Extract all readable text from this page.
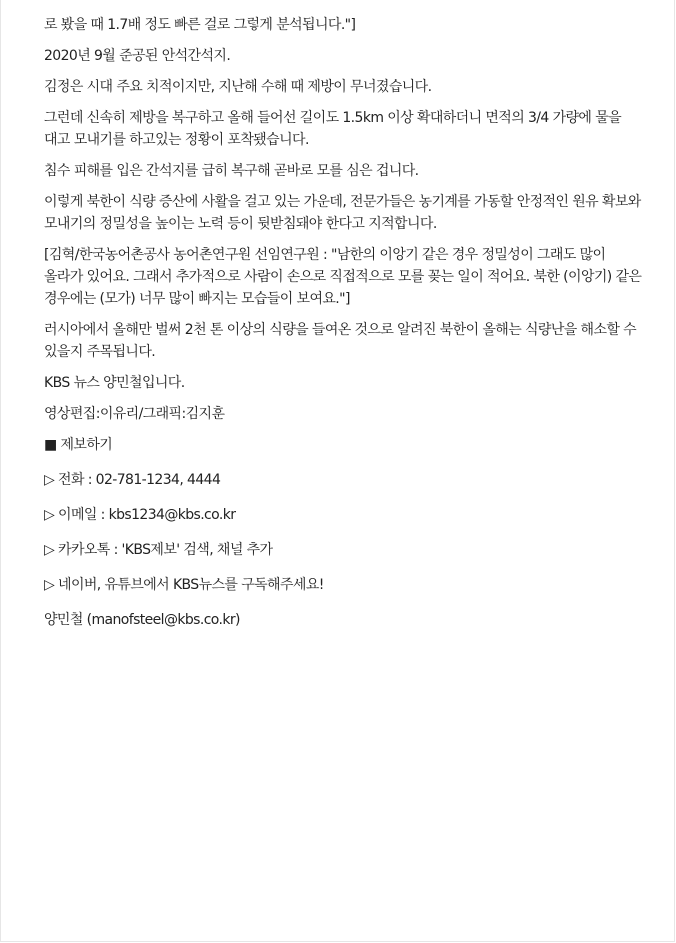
로 봤을 때 1.7배 정도 빠른 걸로 그렇게 분석됩니다."]

2020년 9월 준공된 안석간석지.

김정은 시대 주요 치적이지만, 지난해 수해 때 제방이 무너졌습니다.

그런데 신속히 제방을 복구하고 올해 들어선 길이도 1.5km 이상 확대하더니 면적의 3/4 가량에 물을 대고 모내기를 하고있는 정황이 포착됐습니다.

침수 피해를 입은 간석지를 급히 복구해 곧바로 모를 심은 겁니다.

이렇게 북한이 식량 증산에 사활을 걸고 있는 가운데, 전문가들은 농기계를 가동할 안정적인 원유 확보와 모내기의 정밀성을 높이는 노력 등이 뒷받침돼야 한다고 지적합니다.

[김혁/한국농어촌공사 농어촌연구원 선임연구원 : "남한의 이앙기 같은 경우 정밀성이 그래도 많이 올라가 있어요. 그래서 추가적으로 사람이 손으로 직접적으로 모를 꽂는 일이 적어요. 북한 (이앙기) 같은 경우에는 (모가) 너무 많이 빠지는 모습들이 보여요."]

러시아에서 올해만 벌써 2천 톤 이상의 식량을 들여온 것으로 알려진 북한이 올해는 식량난을 해소할 수 있을지 주목됩니다.

KBS 뉴스 양민철입니다.

영상편집:이유리/그래픽:김지훈

■ 제보하기

▷ 전화 : 02-781-1234, 4444

▷ 이메일 : kbs1234@kbs.co.kr

▷ 카카오톡 : 'KBS제보' 검색, 채널 추가

▷ 네이버, 유튜브에서 KBS뉴스를 구독해주세요!

양민철 (manofsteel@kbs.co.kr)
